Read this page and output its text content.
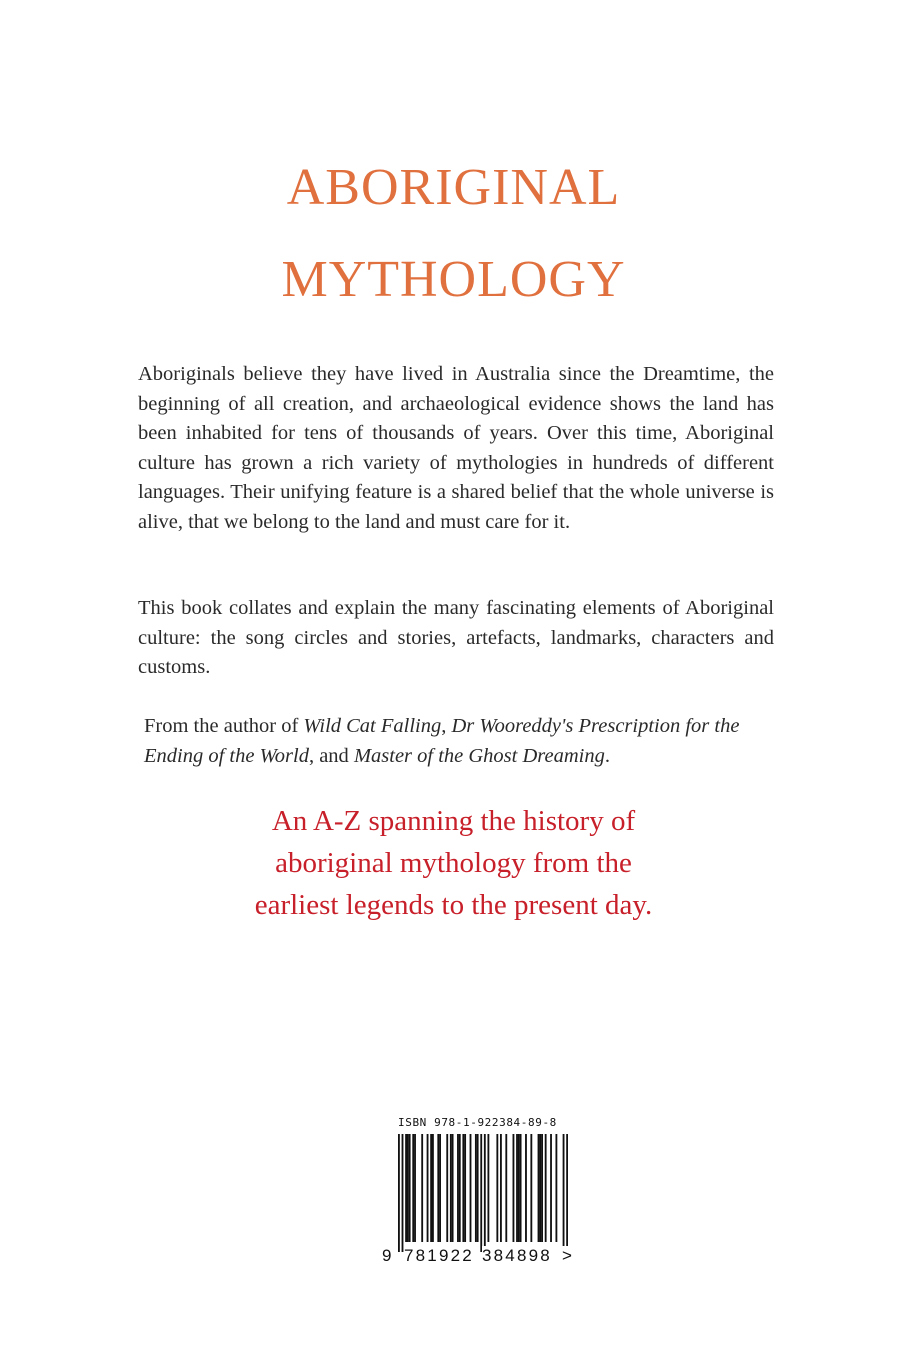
ABORIGINAL
MYTHOLOGY

Aboriginals believe they have lived in Australia since the Dreamtime, the beginning of all creation, and archaeological evidence shows the land has been inhabited for tens of thousands of years. Over this time, Aboriginal culture has grown a rich variety of mythologies in hundreds of different languages. Their unifying feature is a shared belief that the whole universe is alive, that we belong to the land and must care for it.

This book collates and explain the many fascinating elements of Aboriginal culture: the song circles and stories, artefacts, landmarks, characters and customs.

From the author of Wild Cat Falling, Dr Wooreddy's Prescription for the Ending of the World, and Master of the Ghost Dreaming.

An A-Z spanning the history of
aboriginal mythology from the
earliest legends to the present day.
ISBN 978-1-922384-89-8
9 781922 384898 >
